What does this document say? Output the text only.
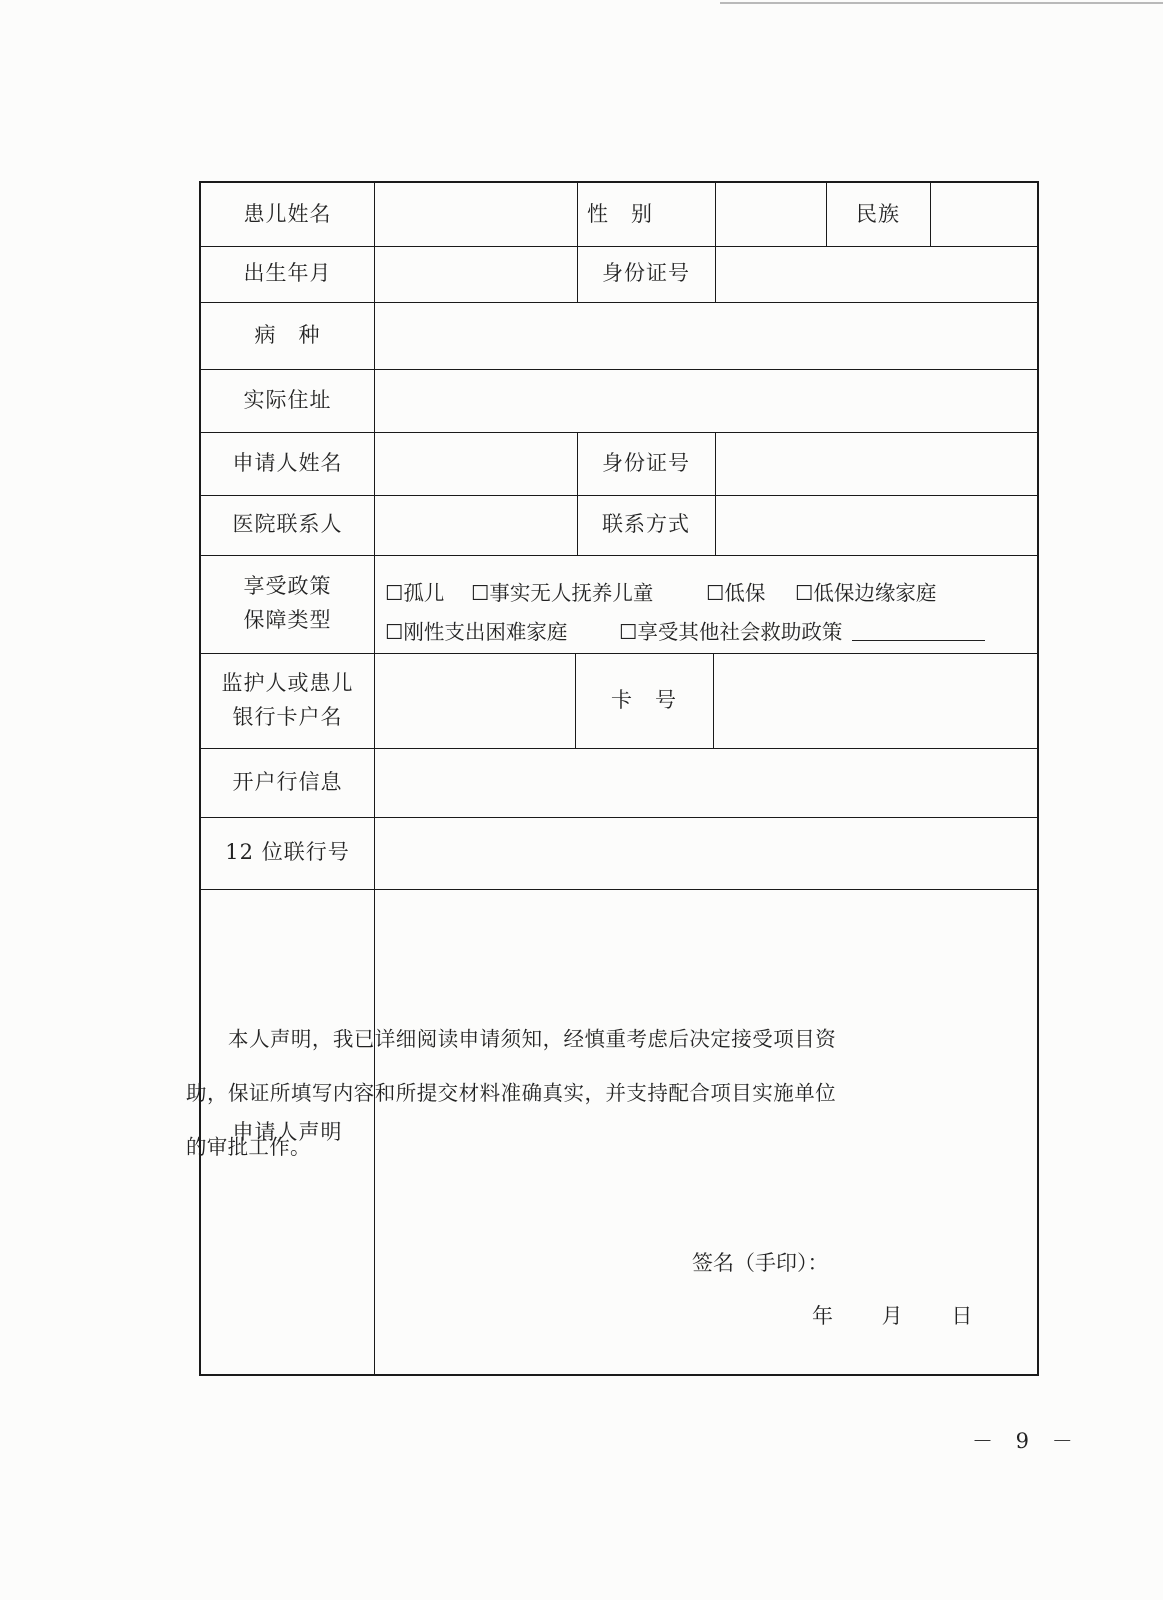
患儿姓名	性　别	民族
出生年月	身份证号
病　种
实际住址
申请人姓名	身份证号
医院联系人	联系方式
享受政策
保障类型
☐孤儿 ☐事实无人抚养儿童	☐低保 ☐低保边缘家庭
☐刚性支出困难家庭	☐享受其他社会救助政策
监护人或患儿
银行卡户名
卡　号
开户行信息
12 位联行号
申请人声明
本人声明，我已详细阅读申请须知，经慎重考虑后决定接受项目资助，保证所填写内容和所提交材料准确真实，并支持配合项目实施单位的审批工作。
签名（手印）：
年 月 日
－ 9 －
